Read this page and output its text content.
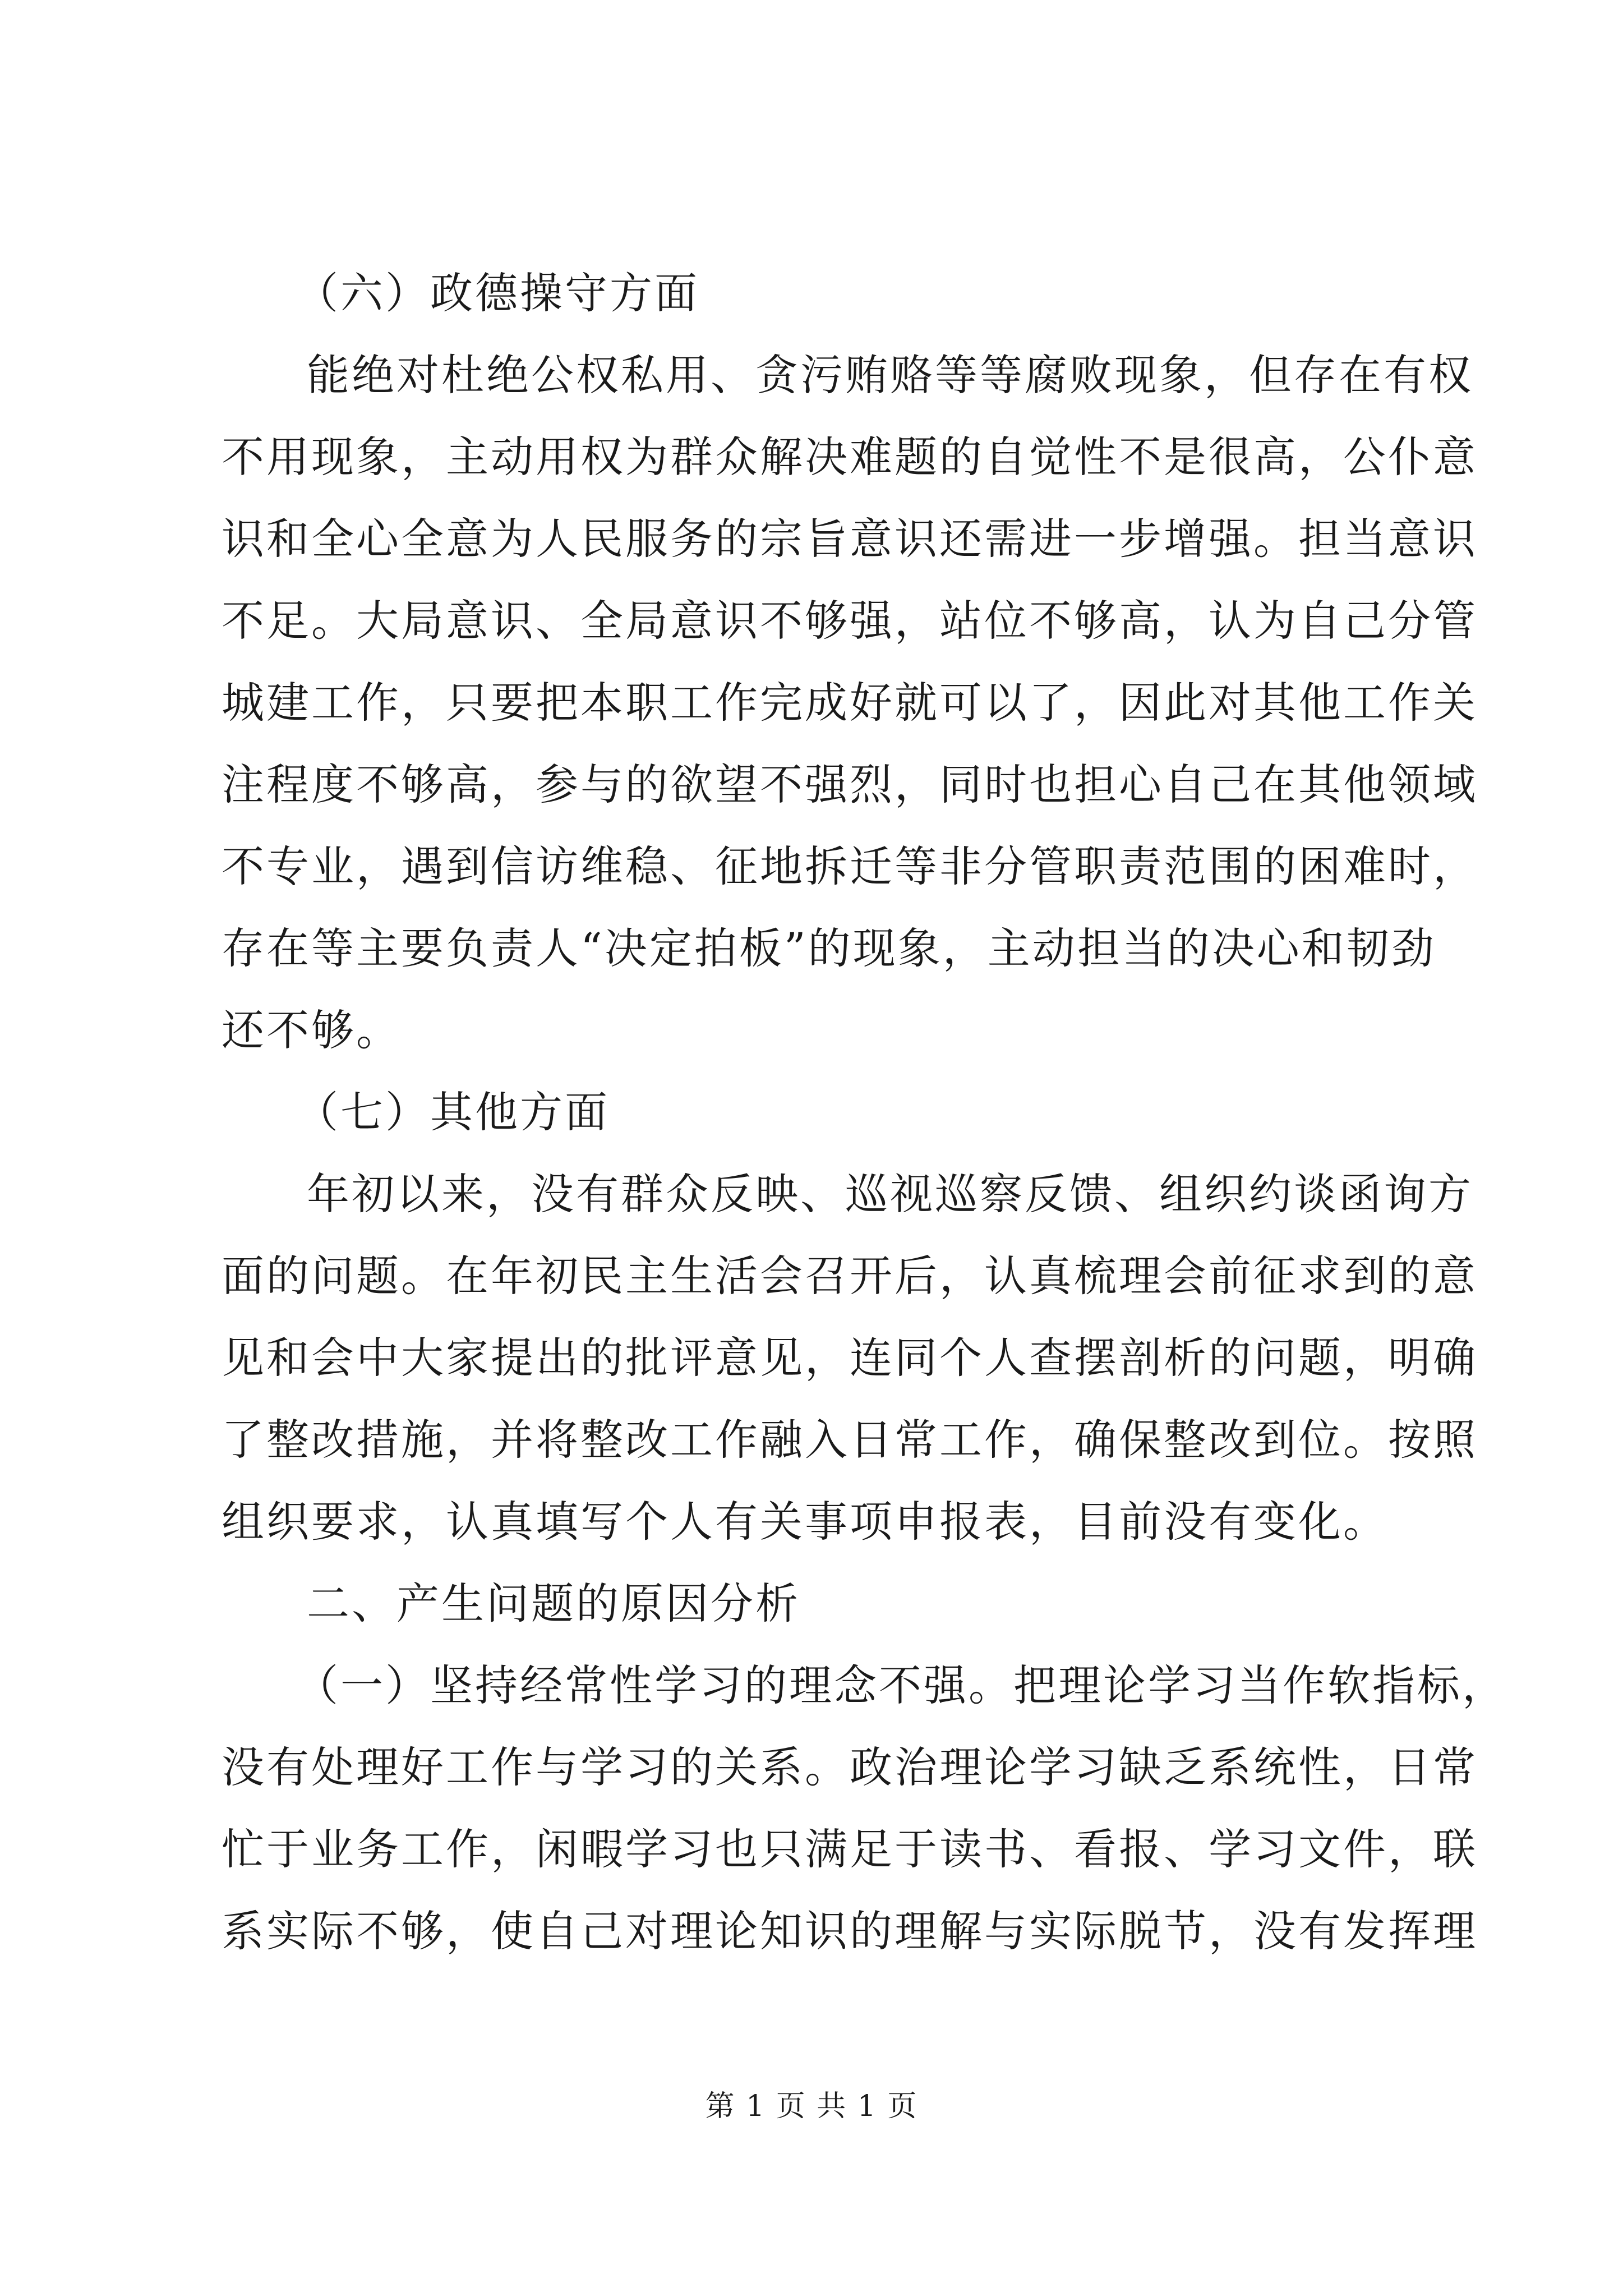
（六）政德操守方面
能绝对杜绝公权私用、贪污贿赂等等腐败现象，但存在有权
不用现象，主动用权为群众解决难题的自觉性不是很高，公仆意
识和全心全意为人民服务的宗旨意识还需进一步增强。担当意识
不足。大局意识、全局意识不够强，站位不够高，认为自己分管
城建工作，只要把本职工作完成好就可以了，因此对其他工作关
注程度不够高，参与的欲望不强烈，同时也担心自己在其他领域
不专业，遇到信访维稳、征地拆迁等非分管职责范围的困难时，
存在等主要负责人“决定拍板”的现象，主动担当的决心和韧劲
还不够。
（七）其他方面
年初以来，没有群众反映、巡视巡察反馈、组织约谈函询方
面的问题。在年初民主生活会召开后，认真梳理会前征求到的意
见和会中大家提出的批评意见，连同个人查摆剖析的问题，明确
了整改措施，并将整改工作融入日常工作，确保整改到位。按照
组织要求，认真填写个人有关事项申报表，目前没有变化。
二、产生问题的原因分析
（一）坚持经常性学习的理念不强。把理论学习当作软指标，
没有处理好工作与学习的关系。政治理论学习缺乏系统性，日常
忙于业务工作，闲暇学习也只满足于读书、看报、学习文件，联
系实际不够，使自己对理论知识的理解与实际脱节，没有发挥理
第 1 页 共 1 页
